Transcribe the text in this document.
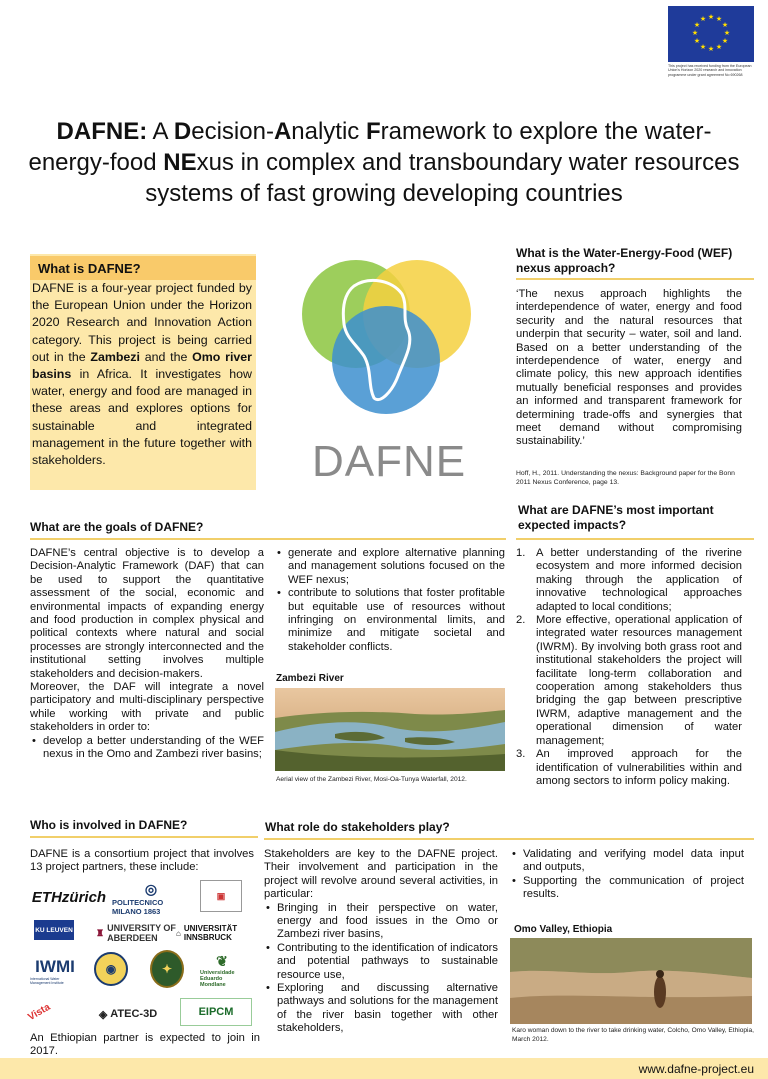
★ ★
★
★
★
★
★
★
★
★
★
★
This project has received funding from the European Union's Horizon 2020 research and innovation programme under grant agreement No 690268
DAFNE: A Decision-Analytic Framework to explore the water-energy-food NExus in complex and transboundary water resources systems of fast growing developing countries
What is DAFNE?
DAFNE is a four-year project funded by the European Union under the Horizon 2020 Research and Innovation Action category. This project is being carried out in the Zambezi and the Omo river basins in Africa. It investigates how water, energy and food are managed in these areas and explores options for sustainable and integrated management in the future together with stakeholders.	DAFNE
What is the Water-Energy-Food (WEF) nexus approach?
‘The nexus approach highlights the interdependence of water, energy and food security and the natural resources that underpin that security – water, soil and land. Based on a better understanding of the interdependence of water, energy and climate policy, this new approach identifies mutually beneficial responses and provides an informed and transparent framework for determining trade-offs and synergies that meet demand without compromising sustainability.’
Hoff, H., 2011. Understanding the nexus: Background paper for the Bonn 2011 Nexus Conference, page 13.
What are the goals of DAFNE?
DAFNE’s central objective is to develop a Decision-Analytic Framework (DAF) that can be used to support the quantitative assessment of the social, economic and environmental impacts of expanding energy and food production in complex physical and political contexts where natural and social processes are strongly interconnected and the institutional setting involves multiple stakeholders and decision-makers.
Moreover, the DAF will integrate a novel participatory and multi-disciplinary perspective while working with private and public stakeholders in order to:
• develop a better understanding of the WEF nexus in the Omo and Zambezi river basins;
• generate and explore alternative planning and management solutions focused on the WEF nexus;
• contribute to solutions that foster profitable but equitable use of resources without infringing on environmental limits, and minimize and mitigate societal and stakeholder conflicts.
Zambezi River
Aerial view of the Zambezi River, Mosi-Oa-Tunya Waterfall, 2012.
What are DAFNE’s most important expected impacts?
1. A better understanding of the riverine ecosystem and more informed decision making through the application of innovative technological approaches adapted to local conditions;
2. More effective, operational application of integrated water resources management (IWRM). By involving both grass root and institutional stakeholders the project will facilitate long-term collaboration and cooperation among stakeholders thus bridging the gap between prescriptive IWRM, adaptive management and the operational dimension of water management;
3. An improved approach for the identification of vulnerabilities within and among sectors to inform policy making.
Who is involved in DAFNE?
DAFNE is a consortium project that involves 13 project partners, these include:
ETHzürich	◎
POLITECNICO MILANO 1863
▣
KU LEUVEN	♜ UNIVERSITY OF ABERDEEN	⌂ UNIVERSITÄT INNSBRUCK
IWMI
International Water Management Institute
◉	✦
❦
Universidade Eduardo Mondlane
Vista	◈ ATEC-3D	EIPCM
An Ethiopian partner is expected to join in 2017.
What role do stakeholders play?
Stakeholders are key to the DAFNE project. Their involvement and participation in the project will revolve around several activities, in particular:
• Bringing in their perspective on water, energy and food issues in the Omo or Zambezi river basins,
• Contributing to the identification of indicators and potential pathways to sustainable resource use,
• Exploring and discussing alternative pathways and solutions for the management of the river basin together with other stakeholders,
• Validating and verifying model data input and outputs,
• Supporting the communication of project results.
Omo Valley, Ethiopia
Karo woman down to the river to take drinking water, Colcho, Omo Valley, Ethiopia, March 2012.
www.dafne-project.eu
